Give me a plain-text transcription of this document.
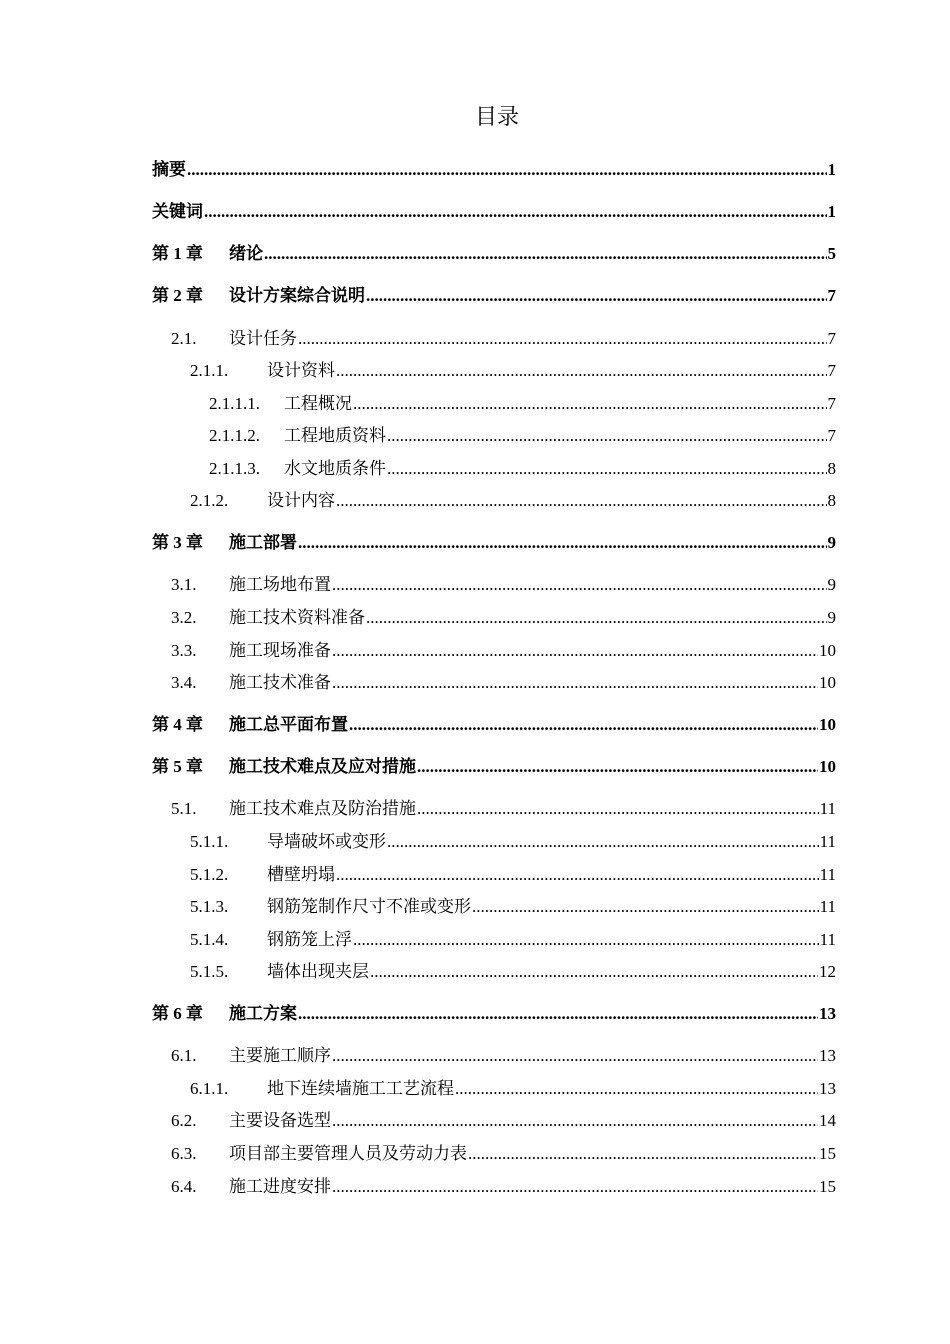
目录
摘要 .....	1
关键词 .....	1
第 1 章	绪论 .....	5
第 2 章	设计方案综合说明 .....	7
2.1.	设计任务 .....	7
2.1.1.	设计资料 .....	7
2.1.1.1.	工程概况 .....	7
2.1.1.2.	工程地质资料 .....	7
2.1.1.3.	水文地质条件 .....	8
2.1.2.	设计内容 .....	8
第 3 章	施工部署 .....	9
3.1.	施工场地布置 .....	9
3.2.	施工技术资料准备 .....	9
3.3.	施工现场准备 .....	10
3.4.	施工技术准备 .....	10
第 4 章	施工总平面布置 .....	10
第 5 章	施工技术难点及应对措施 .....	10
5.1.	施工技术难点及防治措施 .....	11
5.1.1.	导墙破坏或变形 .....	11
5.1.2.	槽壁坍塌 .....	11
5.1.3.	钢筋笼制作尺寸不准或变形 .....	11
5.1.4.	钢筋笼上浮 .....	11
5.1.5.	墙体出现夹层 .....	12
第 6 章	施工方案 .....	13
6.1.	主要施工顺序 .....	13
6.1.1.	地下连续墙施工工艺流程 .....	13
6.2.	主要设备选型 .....	14
6.3.	项目部主要管理人员及劳动力表 .....	15
6.4.	施工进度安排 .....	15
